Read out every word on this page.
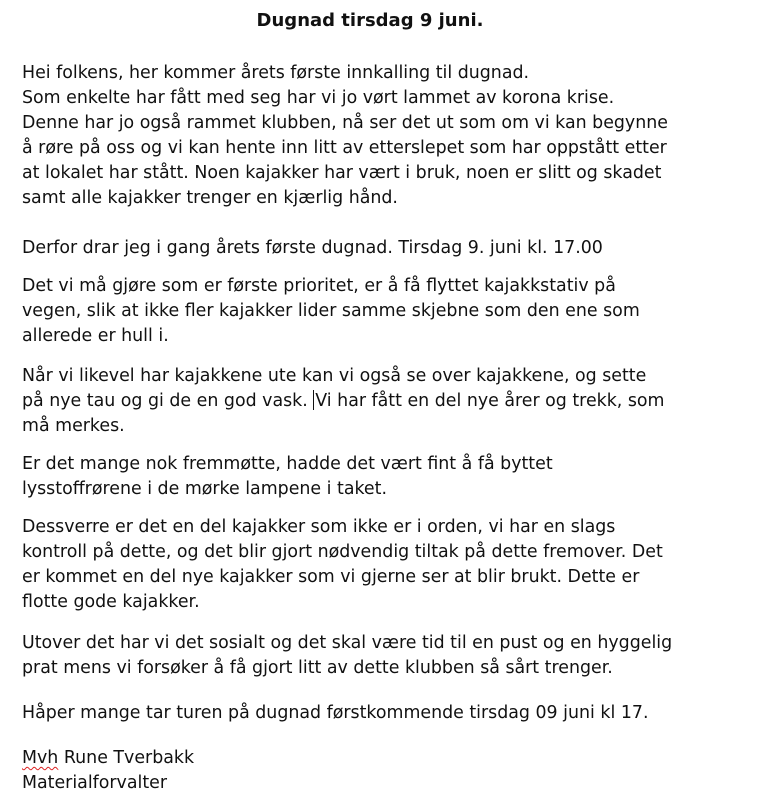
Dugnad tirsdag 9 juni.

Hei folkens, her kommer årets første innkalling til dugnad.
Som enkelte har fått med seg har vi jo vørt lammet av korona krise.
Denne har jo også rammet klubben, nå ser det ut som om vi kan begynne
å røre på oss og vi kan hente inn litt av etterslepet som har oppstått etter
at lokalet har stått. Noen kajakker har vært i bruk, noen er slitt og skadet
samt alle kajakker trenger en kjærlig hånd.

Derfor drar jeg i gang årets første dugnad. Tirsdag 9. juni kl. 17.00

Det vi må gjøre som er første prioritet, er å få flyttet kajakkstativ på
vegen, slik at ikke fler kajakker lider samme skjebne som den ene som
allerede er hull i.

Når vi likevel har kajakkene ute kan vi også se over kajakkene, og sette
på nye tau og gi de en god vask. Vi har fått en del nye årer og trekk, som
må merkes.

Er det mange nok fremmøtte, hadde det vært fint å få byttet
lysstoffrørene i de mørke lampene i taket.

Dessverre er det en del kajakker som ikke er i orden, vi har en slags
kontroll på dette, og det blir gjort nødvendig tiltak på dette fremover. Det
er kommet en del nye kajakker som vi gjerne ser at blir brukt. Dette er
flotte gode kajakker.

Utover det har vi det sosialt og det skal være tid til en pust og en hyggelig
prat mens vi forsøker å få gjort litt av dette klubben så sårt trenger.

Håper mange tar turen på dugnad førstkommende tirsdag 09 juni kl 17.

Mvh Rune Tverbakk
Materialforvalter
